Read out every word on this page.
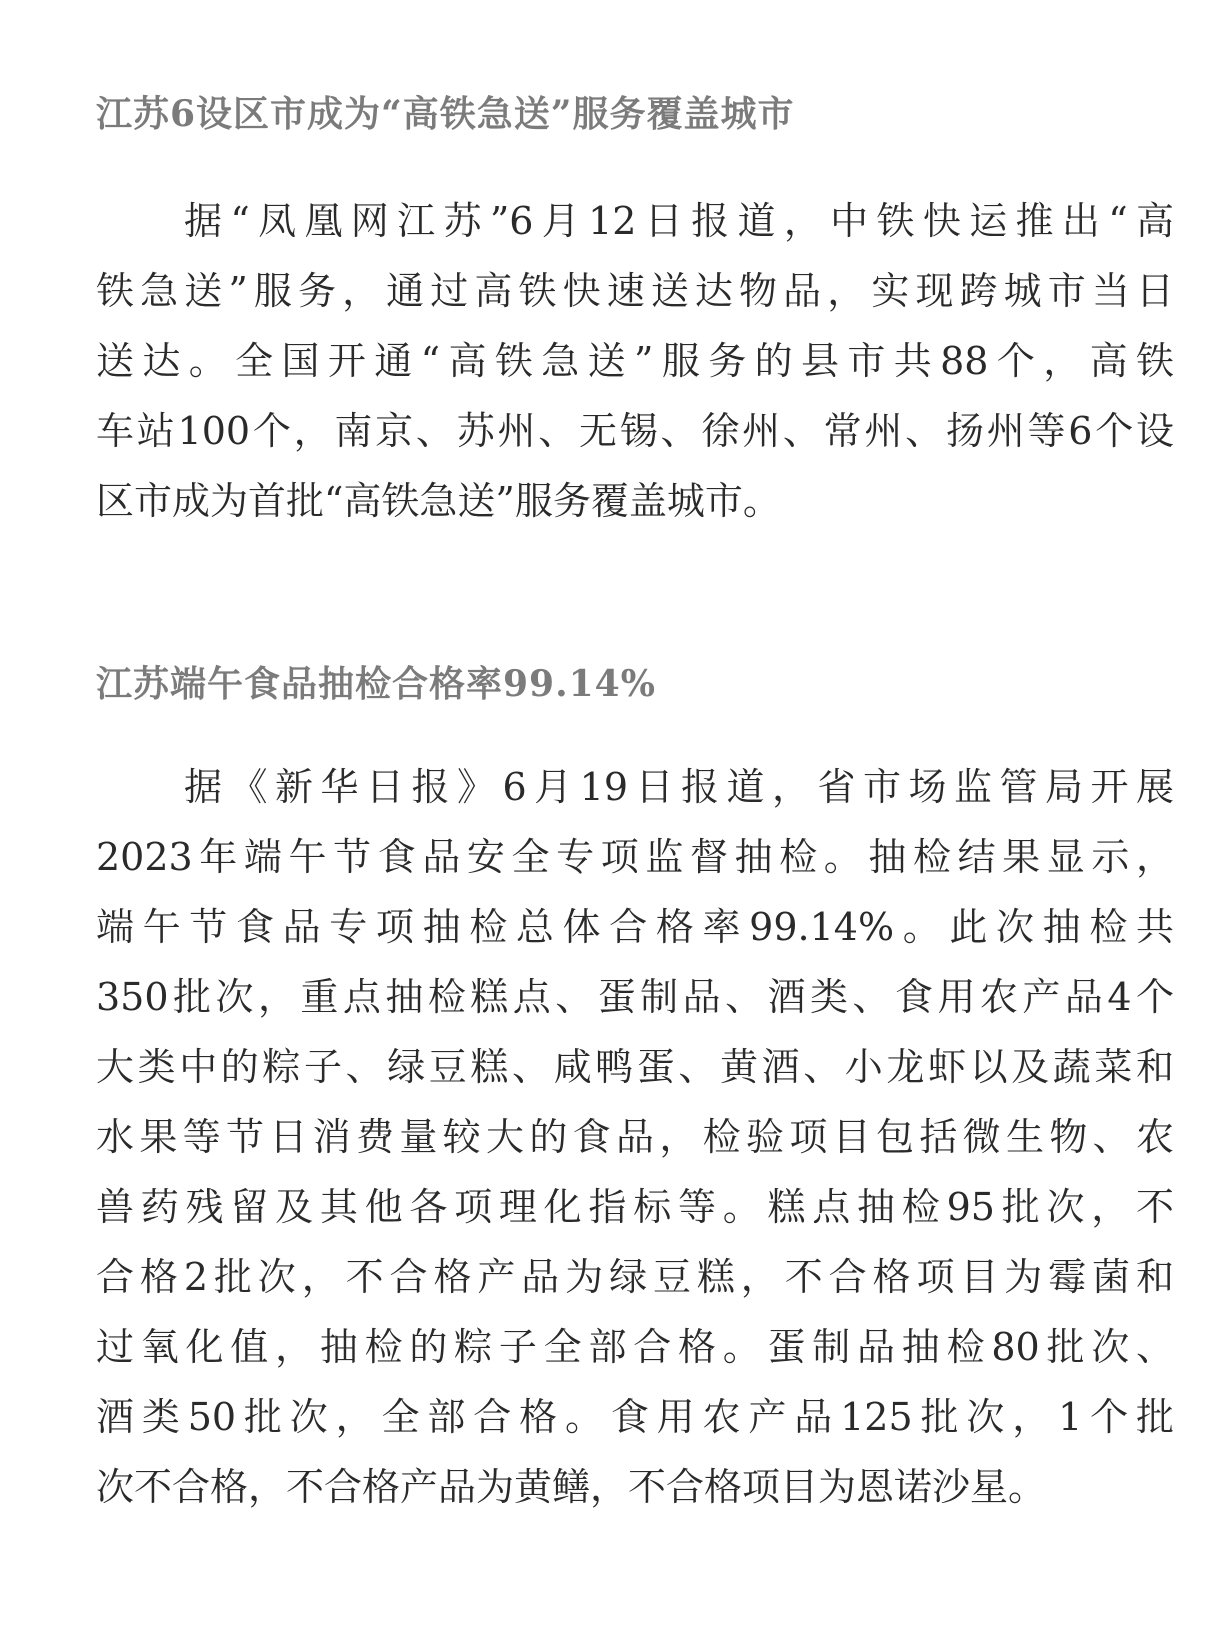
江苏6设区市成为“高铁急送”服务覆盖城市
据“凤凰网江苏”6月12日报道，中铁快运推出“高
铁急送”服务，通过高铁快速送达物品，实现跨城市当日
送达。全国开通“高铁急送”服务的县市共88个，高铁
车站100个，南京、苏州、无锡、徐州、常州、扬州等6个设
区市成为首批“高铁急送”服务覆盖城市。
江苏端午食品抽检合格率99.14%
据《新华日报》6月19日报道，省市场监管局开展
2023年端午节食品安全专项监督抽检。抽检结果显示，
端午节食品专项抽检总体合格率99.14%。此次抽检共
350批次，重点抽检糕点、蛋制品、酒类、食用农产品4个
大类中的粽子、绿豆糕、咸鸭蛋、黄酒、小龙虾以及蔬菜和
水果等节日消费量较大的食品，检验项目包括微生物、农
兽药残留及其他各项理化指标等。糕点抽检95批次，不
合格2批次，不合格产品为绿豆糕，不合格项目为霉菌和
过氧化值，抽检的粽子全部合格。蛋制品抽检80批次、
酒类50批次，全部合格。食用农产品125批次，1个批
次不合格，不合格产品为黄鳝，不合格项目为恩诺沙星。
